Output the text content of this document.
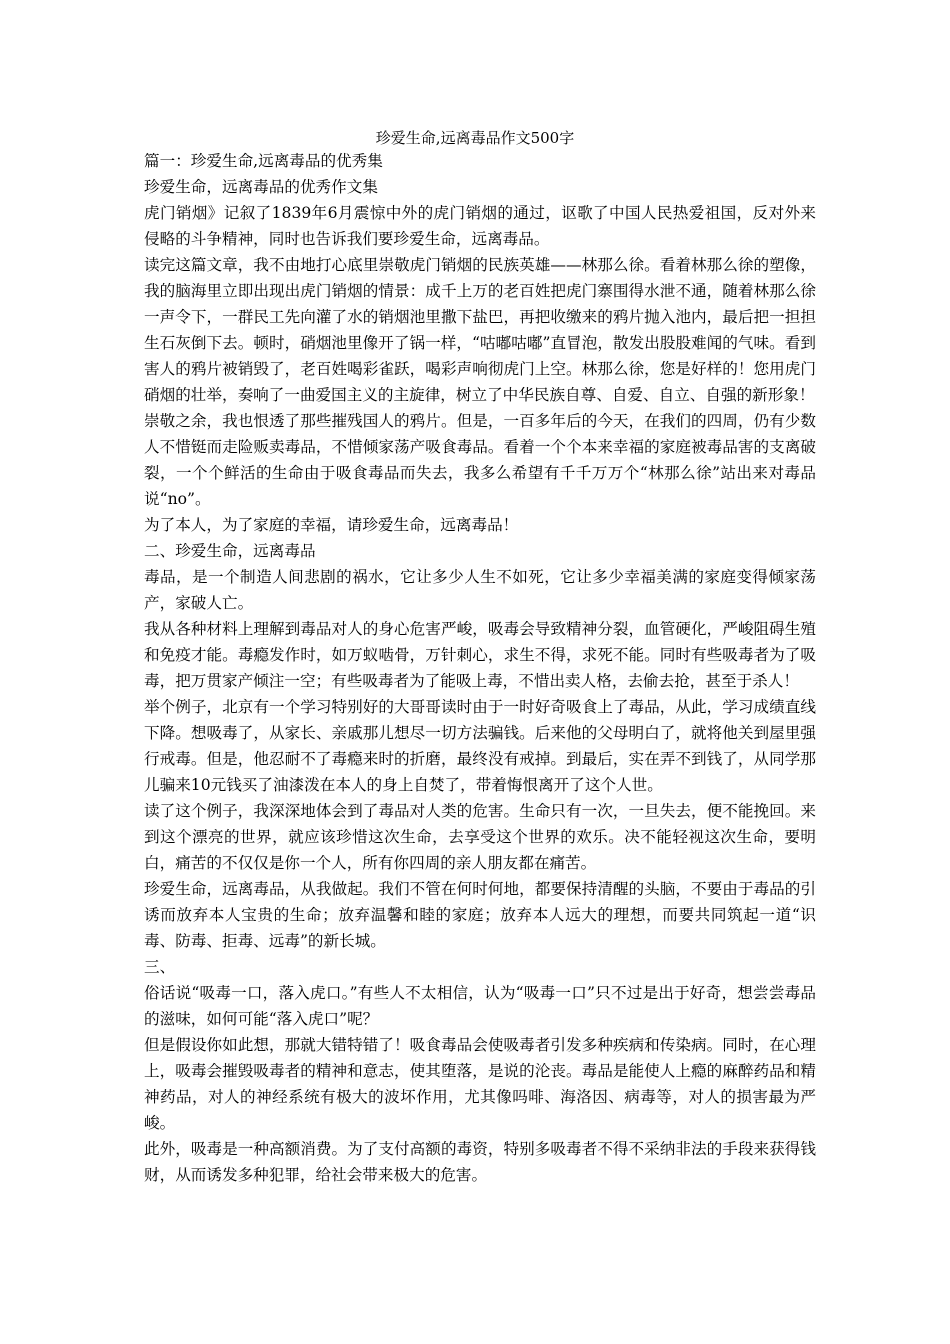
珍爱生命,远离毒品作文500字

篇一：珍爱生命,远离毒品的优秀集

珍爱生命，远离毒品的优秀作文集

虎门销烟》记叙了1839年6月震惊中外的虎门销烟的通过，讴歌了中国人民热爱祖国，反对外来侵略的斗争精神，同时也告诉我们要珍爱生命，远离毒品。

读完这篇文章，我不由地打心底里崇敬虎门销烟的民族英雄——林那么徐。看着林那么徐的塑像，我的脑海里立即出现出虎门销烟的情景：成千上万的老百姓把虎门寨围得水泄不通，随着林那么徐一声令下，一群民工先向灌了水的销烟池里撒下盐巴，再把收缴来的鸦片抛入池内，最后把一担担生石灰倒下去。顿时，硝烟池里像开了锅一样，“咕嘟咕嘟”直冒泡，散发出股股难闻的气味。看到害人的鸦片被销毁了，老百姓喝彩雀跃，喝彩声响彻虎门上空。林那么徐，您是好样的！您用虎门硝烟的壮举，奏响了一曲爱国主义的主旋律，树立了中华民族自尊、自爱、自立、自强的新形象！

崇敬之余，我也恨透了那些摧残国人的鸦片。但是，一百多年后的今天，在我们的四周，仍有少数人不惜铤而走险贩卖毒品，不惜倾家荡产吸食毒品。看着一个个本来幸福的家庭被毒品害的支离破裂，一个个鲜活的生命由于吸食毒品而失去，我多么希望有千千万万个“林那么徐”站出来对毒品说“no”。

为了本人，为了家庭的幸福，请珍爱生命，远离毒品！

二、珍爱生命，远离毒品

毒品，是一个制造人间悲剧的祸水，它让多少人生不如死，它让多少幸福美满的家庭变得倾家荡产，家破人亡。

我从各种材料上理解到毒品对人的身心危害严峻，吸毒会导致精神分裂，血管硬化，严峻阻碍生殖和免疫才能。毒瘾发作时，如万蚁啮骨，万针刺心，求生不得，求死不能。同时有些吸毒者为了吸毒，把万贯家产倾注一空；有些吸毒者为了能吸上毒，不惜出卖人格，去偷去抢，甚至于杀人！

举个例子，北京有一个学习特别好的大哥哥读时由于一时好奇吸食上了毒品，从此，学习成绩直线下降。想吸毒了，从家长、亲戚那儿想尽一切方法骗钱。后来他的父母明白了，就将他关到屋里强行戒毒。但是，他忍耐不了毒瘾来时的折磨，最终没有戒掉。到最后，实在弄不到钱了，从同学那儿骗来10元钱买了油漆泼在本人的身上自焚了，带着悔恨离开了这个人世。

读了这个例子，我深深地体会到了毒品对人类的危害。生命只有一次，一旦失去，便不能挽回。来到这个漂亮的世界，就应该珍惜这次生命，去享受这个世界的欢乐。决不能轻视这次生命，要明白，痛苦的不仅仅是你一个人，所有你四周的亲人朋友都在痛苦。

珍爱生命，远离毒品，从我做起。我们不管在何时何地，都要保持清醒的头脑，不要由于毒品的引诱而放弃本人宝贵的生命；放弃温馨和睦的家庭；放弃本人远大的理想，而要共同筑起一道“识毒、防毒、拒毒、远毒”的新长城。

三、

俗话说“吸毒一口，落入虎口。”有些人不太相信，认为“吸毒一口”只不过是出于好奇，想尝尝毒品的滋味，如何可能“落入虎口”呢？

但是假设你如此想，那就大错特错了！吸食毒品会使吸毒者引发多种疾病和传染病。同时，在心理上，吸毒会摧毁吸毒者的精神和意志，使其堕落，是说的沦丧。毒品是能使人上瘾的麻醉药品和精神药品，对人的神经系统有极大的波坏作用，尤其像吗啡、海洛因、病毒等，对人的损害最为严峻。

此外，吸毒是一种高额消费。为了支付高额的毒资，特别多吸毒者不得不采纳非法的手段来获得钱财，从而诱发多种犯罪，给社会带来极大的危害。
